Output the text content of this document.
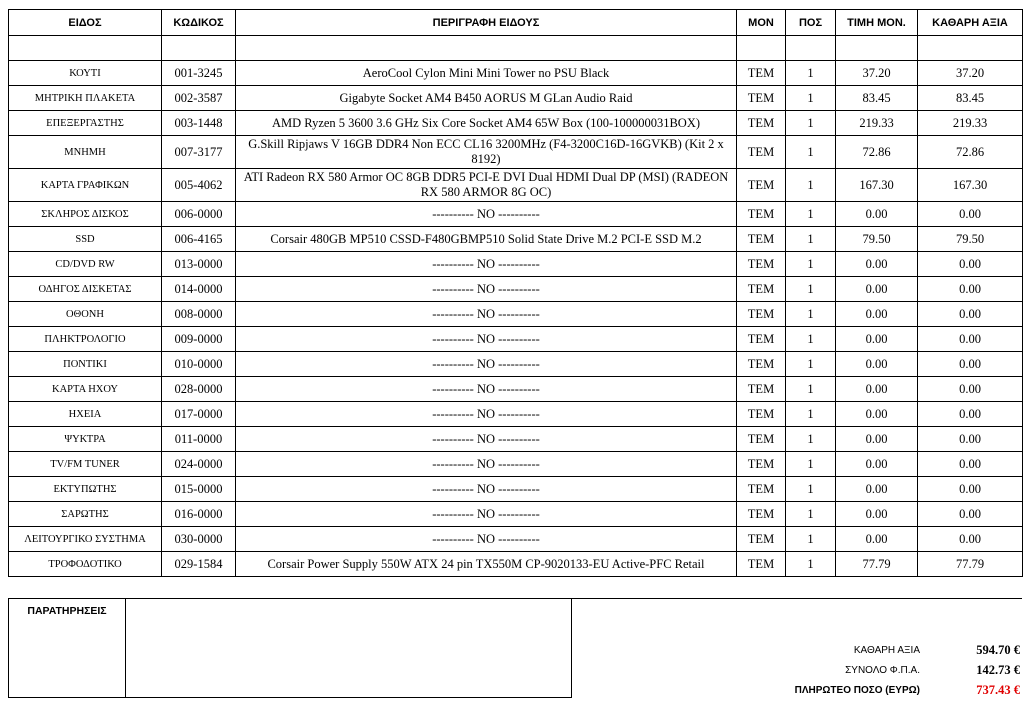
ΕΙΔΟΣ	ΚΩΔΙΚΟΣ	ΠΕΡΙΓΡΑΦΗ ΕΙΔΟΥΣ	ΜΟΝ	ΠΟΣ	ΤΙΜΗ ΜΟΝ.	ΚΑΘΑΡΗ ΑΞΙΑ

ΚΟΥΤΙ	001-3245	AeroCool Cylon Mini Mini Tower no PSU Black	TEM	1	37.20	37.20
ΜΗΤΡΙΚΗ ΠΛΑΚΕΤΑ	002-3587	Gigabyte Socket AM4 B450 AORUS M GLan Audio Raid	TEM	1	83.45	83.45
ΕΠΕΞΕΡΓΑΣΤΗΣ	003-1448	AMD Ryzen 5 3600 3.6 GHz Six Core Socket AM4 65W Box (100-100000031BOX)	TEM	1	219.33	219.33
ΜΝΗΜΗ	007-3177	G.Skill Ripjaws V 16GB DDR4 Non ECC CL16 3200MHz (F4-3200C16D-16GVKB) (Kit 2 x 8192)	TEM	1	72.86	72.86
ΚΑΡΤΑ ΓΡΑΦΙΚΩΝ	005-4062	ATI Radeon RX 580 Armor OC 8GB DDR5 PCI-E DVI Dual HDMI Dual DP (MSI) (RADEON RX 580 ARMOR 8G OC)	TEM	1	167.30	167.30
ΣΚΛΗΡΟΣ ΔΙΣΚΟΣ	006-0000	---------- NO ----------	TEM	1	0.00	0.00
SSD	006-4165	Corsair 480GB MP510 CSSD-F480GBMP510 Solid State Drive M.2 PCI-E SSD M.2	TEM	1	79.50	79.50
CD/DVD RW	013-0000	---------- NO ----------	TEM	1	0.00	0.00
ΟΔΗΓΟΣ ΔΙΣΚΕΤΑΣ	014-0000	---------- NO ----------	TEM	1	0.00	0.00
ΟΘΟΝΗ	008-0000	---------- NO ----------	TEM	1	0.00	0.00
ΠΛΗΚΤΡΟΛΟΓΙΟ	009-0000	---------- NO ----------	TEM	1	0.00	0.00
ΠΟΝΤΙΚΙ	010-0000	---------- NO ----------	TEM	1	0.00	0.00
ΚΑΡΤΑ ΗΧΟΥ	028-0000	---------- NO ----------	TEM	1	0.00	0.00
ΗΧΕΙΑ	017-0000	---------- NO ----------	TEM	1	0.00	0.00
ΨΥΚΤΡΑ	011-0000	---------- NO ----------	TEM	1	0.00	0.00
TV/FM TUNER	024-0000	---------- NO ----------	TEM	1	0.00	0.00
ΕΚΤΥΠΩΤΗΣ	015-0000	---------- NO ----------	TEM	1	0.00	0.00
ΣΑΡΩΤΗΣ	016-0000	---------- NO ----------	TEM	1	0.00	0.00
ΛΕΙΤΟΥΡΓΙΚΟ ΣΥΣΤΗΜΑ	030-0000	---------- NO ----------	TEM	1	0.00	0.00
ΤΡΟΦΟΔΟΤΙΚΟ	029-1584	Corsair Power Supply 550W ATX 24 pin TX550M CP-9020133-EU Active-PFC Retail	TEM	1	77.79	77.79
ΠΑΡΑΤΗΡΗΣΕΙΣ
ΚΑΘΑΡΗ ΑΞΙΑ	594.70 €
ΣΥΝΟΛΟ Φ.Π.Α.	142.73 €
ΠΛΗΡΩΤΕΟ ΠΟΣΟ (ΕΥΡΩ)	737.43 €
